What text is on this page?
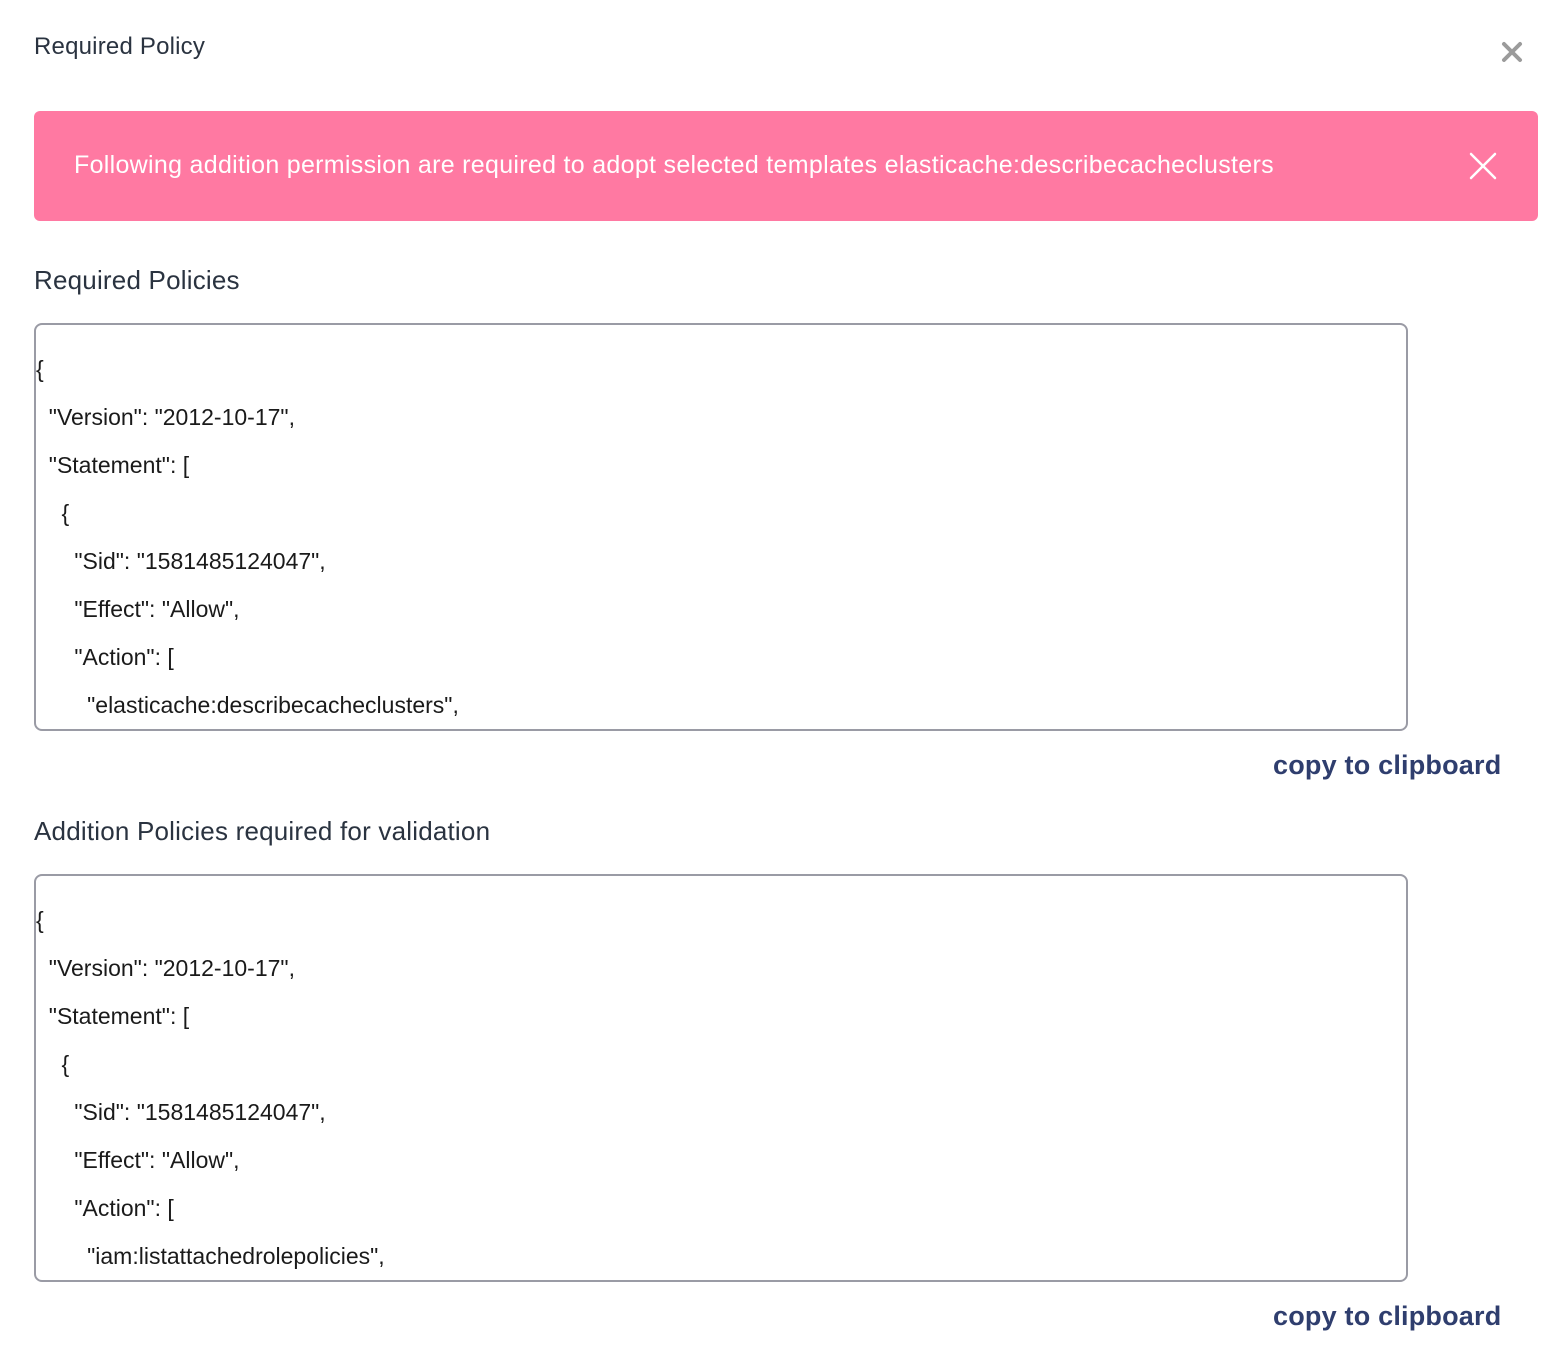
Required Policy
Following addition permission are required to adopt selected templates elasticache:describecacheclusters
Required Policies
{
"Version": "2012-10-17",
"Statement": [
{
"Sid": "1581485124047",
"Effect": "Allow",
"Action": [
"elasticache:describecacheclusters",
copy to clipboard
Addition Policies required for validation
{
"Version": "2012-10-17",
"Statement": [
{
"Sid": "1581485124047",
"Effect": "Allow",
"Action": [
"iam:listattachedrolepolicies",
copy to clipboard
